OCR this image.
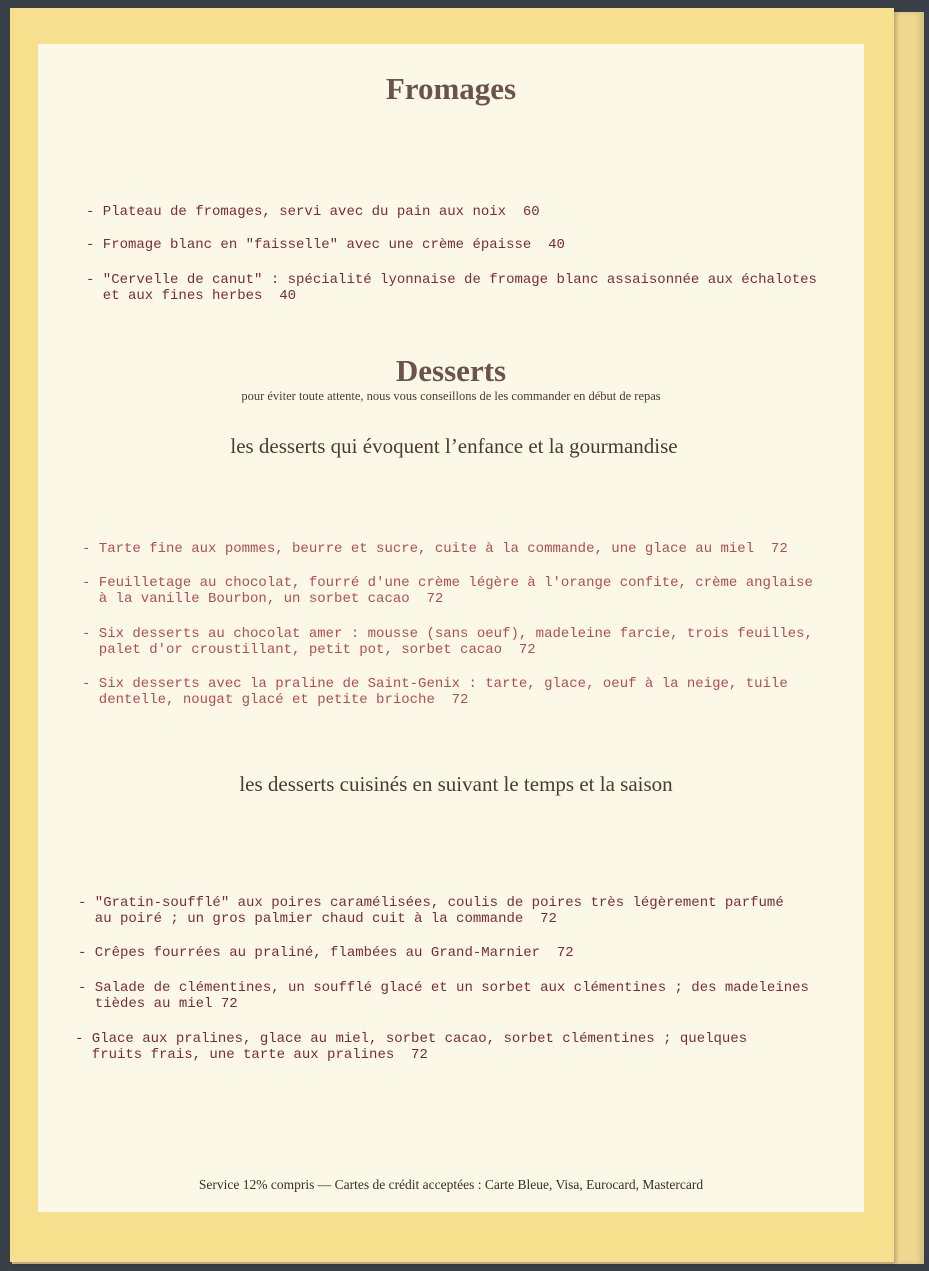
Fromages
- Plateau de fromages, servi avec du pain aux noix  60
- Fromage blanc en "faisselle" avec une crème épaisse  40
- "Cervelle de canut" : spécialité lyonnaise de fromage blanc assaisonnée aux échalotes
et aux fines herbes  40
Desserts
pour éviter toute attente, nous vous conseillons de les commander en début de repas
les desserts qui évoquent l’enfance et la gourmandise
- Tarte fine aux pommes, beurre et sucre, cuite à la commande, une glace au miel  72
- Feuilletage au chocolat, fourré d'une crème légère à l'orange confite, crème anglaise
à la vanille Bourbon, un sorbet cacao  72
- Six desserts au chocolat amer : mousse (sans oeuf), madeleine farcie, trois feuilles,
palet d'or croustillant, petit pot, sorbet cacao  72
- Six desserts avec la praline de Saint-Genix : tarte, glace, oeuf à la neige, tuile
dentelle, nougat glacé et petite brioche  72
les desserts cuisinés en suivant le temps et la saison
- "Gratin-soufflé" aux poires caramélisées, coulis de poires très légèrement parfumé
au poiré ; un gros palmier chaud cuit à la commande  72
- Crêpes fourrées au praliné, flambées au Grand-Marnier  72
- Salade de clémentines, un soufflé glacé et un sorbet aux clémentines ; des madeleines
tièdes au miel 72
- Glace aux pralines, glace au miel, sorbet cacao, sorbet clémentines ; quelques
fruits frais, une tarte aux pralines  72
Service 12% compris — Cartes de crédit acceptées : Carte Bleue, Visa, Eurocard, Mastercard
